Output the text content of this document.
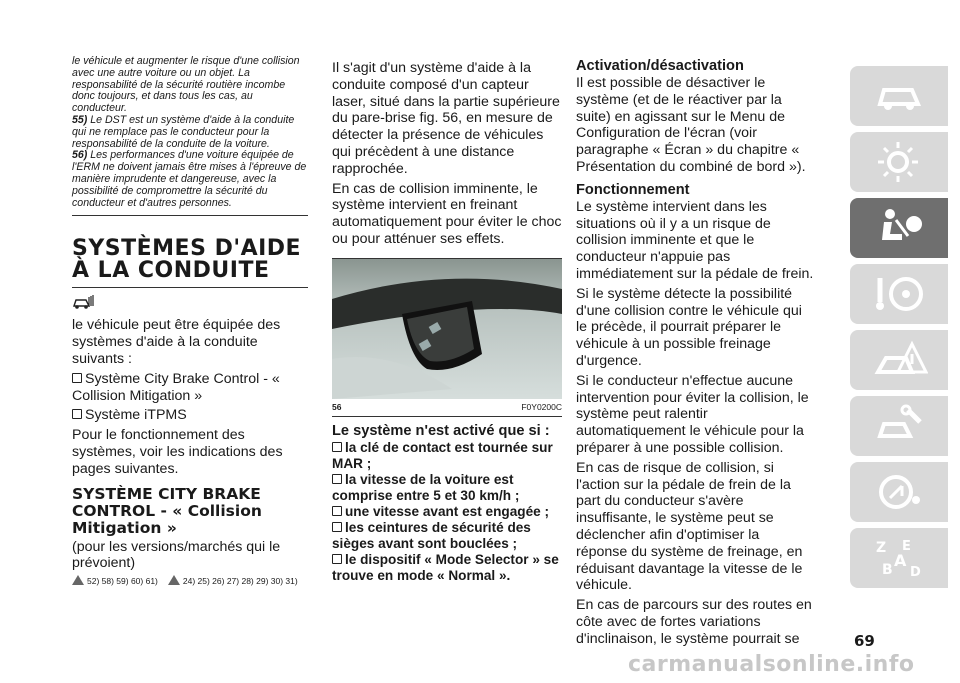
le véhicule et augmenter le risque d'une collision avec une autre voiture ou un objet. La responsabilité de la sécurité routière incombe donc toujours, et dans tous les cas, au conducteur.

55) Le DST est un système d'aide à la conduite qui ne remplace pas le conducteur pour la responsabilité de la conduite de la voiture.

56) Les performances d'une voiture équipée de l'ERM ne doivent jamais être mises à l'épreuve de manière imprudente et dangereuse, avec la possibilité de compromettre la sécurité du conducteur et d'autres personnes.

SYSTÈMES D'AIDE À LA CONDUITE

le véhicule peut être équipée des systèmes d'aide à la conduite suivants :

Système City Brake Control - « Collision Mitigation »

Système iTPMS

Pour le fonctionnement des systèmes, voir les indications des pages suivantes.

SYSTÈME CITY BRAKE CONTROL - « Collision Mitigation »

(pour les versions/marchés qui le prévoient)

52) 58) 59) 60) 61)	24) 25) 26) 27) 28) 29) 30) 31)

Il s'agit d'un système d'aide à la conduite composé d'un capteur laser, situé dans la partie supérieure du pare-brise fig. 56, en mesure de détecter la présence de véhicules qui précèdent à une distance rapprochée.

En cas de collision imminente, le système intervient en freinant automatiquement pour éviter le choc ou pour atténuer ses effets.

56	F0Y0200C
Le système n'est activé que si :

la clé de contact est tournée sur MAR ;

la vitesse de la voiture est comprise entre 5 et 30 km/h ;

une vitesse avant est engagée ;

les ceintures de sécurité des sièges avant sont bouclées ;

le dispositif « Mode Selector » se trouve en mode « Normal ».

Activation/désactivation

Il est possible de désactiver le système (et de le réactiver par la suite) en agissant sur le Menu de Configuration de l'écran (voir paragraphe « Écran » du chapitre « Présentation du combiné de bord »).

Fonctionnement

Le système intervient dans les situations où il y a un risque de collision imminente et que le conducteur n'appuie pas immédiatement sur la pédale de frein.

Si le système détecte la possibilité d'une collision contre le véhicule qui le précède, il pourrait préparer le véhicule à un possible freinage d'urgence.

Si le conducteur n'effectue aucune intervention pour éviter la collision, le système peut ralentir automatiquement le véhicule pour la préparer à une possible collision.

En cas de risque de collision, si l'action sur la pédale de frein de la part du conducteur s'avère insuffisante, le système peut se déclencher afin d'optimiser la réponse du système de freinage, en réduisant davantage la vitesse de le véhicule.

En cas de parcours sur des routes en côte avec de fortes variations d'inclinaison, le système pourrait se

Z E
B A
D
69
carmanualsonline.info
